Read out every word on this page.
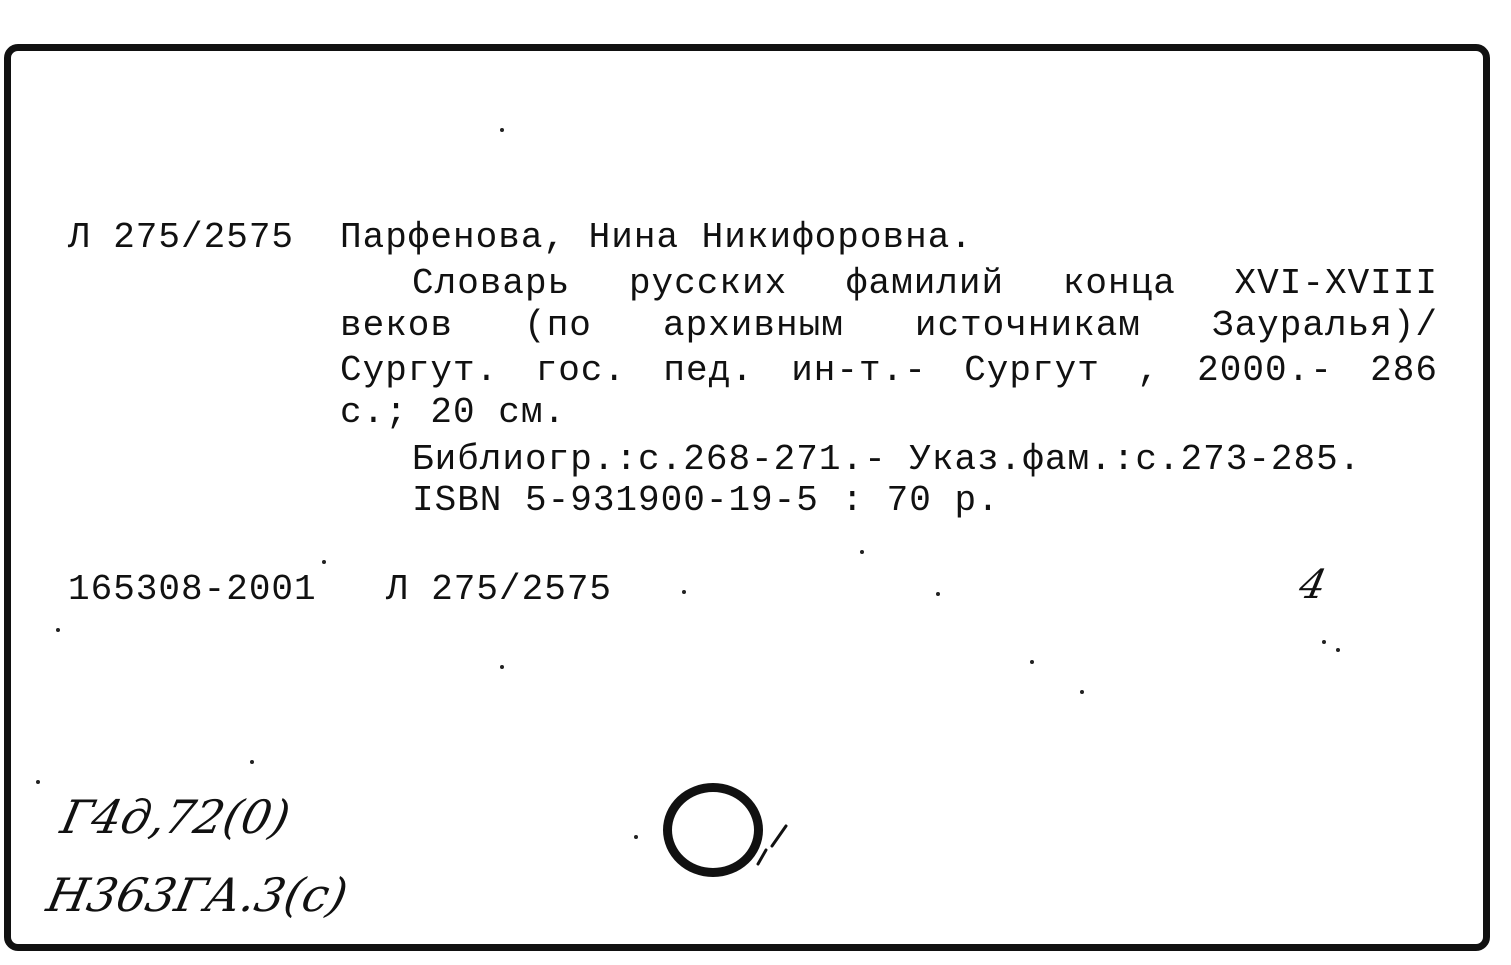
Л 275/2575 Парфенова, Нина Никифоровна.
Словарь русских фамилий конца XVI-XVIII
веков (по архивным источникам Зауралья)/
Сургут. гос. пед. ин-т.- Сургут , 2000.- 286
с.; 20 см.
Библиогр.:с.268-271.- Указ.фам.:с.273-285.
ISBN 5-931900-19-5 : 70 р.
165308-2001 Л 275/2575
Г4д,72(0)
Н363ГА.3(с)
4
